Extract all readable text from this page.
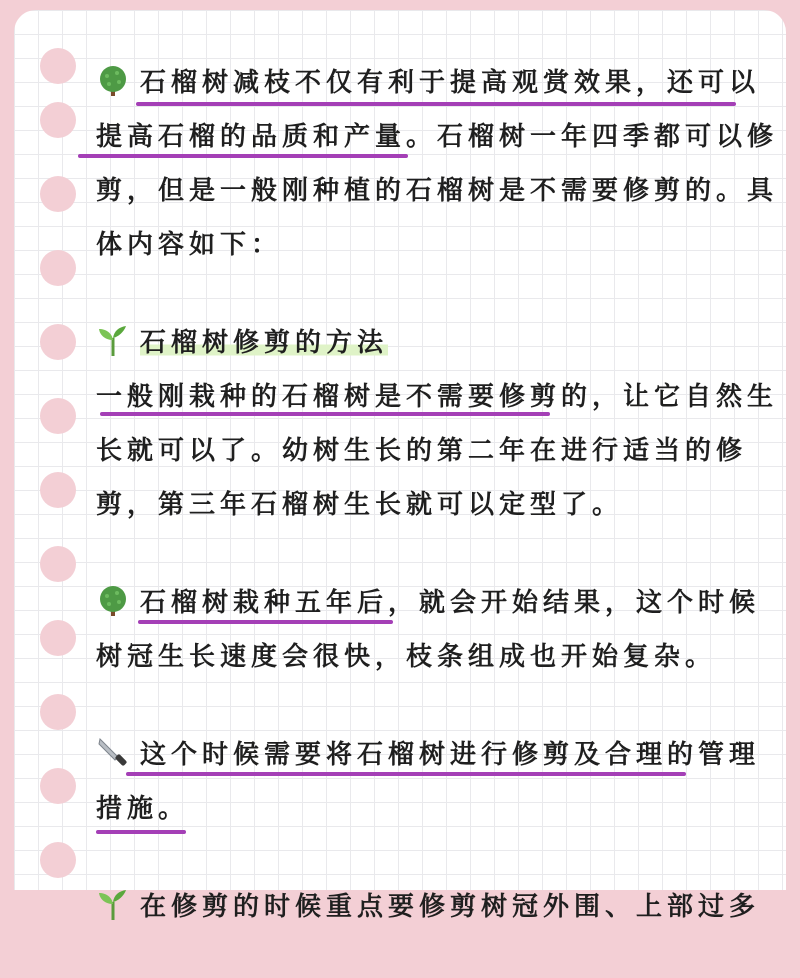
石榴树减枝不仅有利于提高观赏效果，还可以
提高石榴的品质和产量。石榴树一年四季都可以修
剪，但是一般刚种植的石榴树是不需要修剪的。具
体内容如下：
石榴树修剪的方法
一般刚栽种的石榴树是不需要修剪的，让它自然生
长就可以了。幼树生长的第二年在进行适当的修
剪，第三年石榴树生长就可以定型了。
石榴树栽种五年后，就会开始结果，这个时候
树冠生长速度会很快，枝条组成也开始复杂。
这个时候需要将石榴树进行修剪及合理的管理
措施。
在修剪的时候重点要修剪树冠外围、上部过多
